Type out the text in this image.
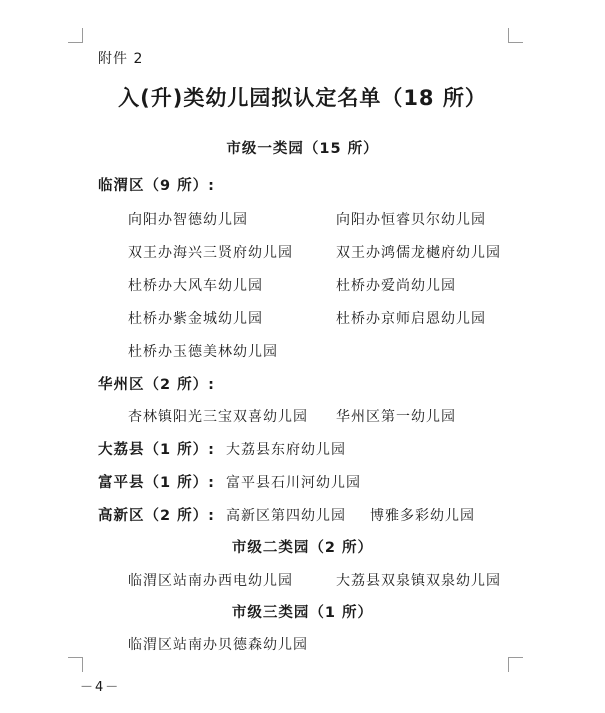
附件 2
入(升)类幼儿园拟认定名单（18 所）
市级一类园（15 所）
临渭区（9 所）:
向阳办智德幼儿园	向阳办恒睿贝尔幼儿园
双王办海兴三贤府幼儿园	双王办鸿儒龙樾府幼儿园
杜桥办大风车幼儿园	杜桥办爱尚幼儿园
杜桥办紫金城幼儿园	杜桥办京师启恩幼儿园
杜桥办玉德美林幼儿园
华州区（2 所）:
杏林镇阳光三宝双喜幼儿园 华州区第一幼儿园
大荔县（1 所）: 大荔县东府幼儿园
富平县（1 所）: 富平县石川河幼儿园
高新区（2 所）: 高新区第四幼儿园 博雅多彩幼儿园
市级二类园（2 所）
临渭区站南办西电幼儿园	大荔县双泉镇双泉幼儿园
市级三类园（1 所）
临渭区站南办贝德森幼儿园
－4－
